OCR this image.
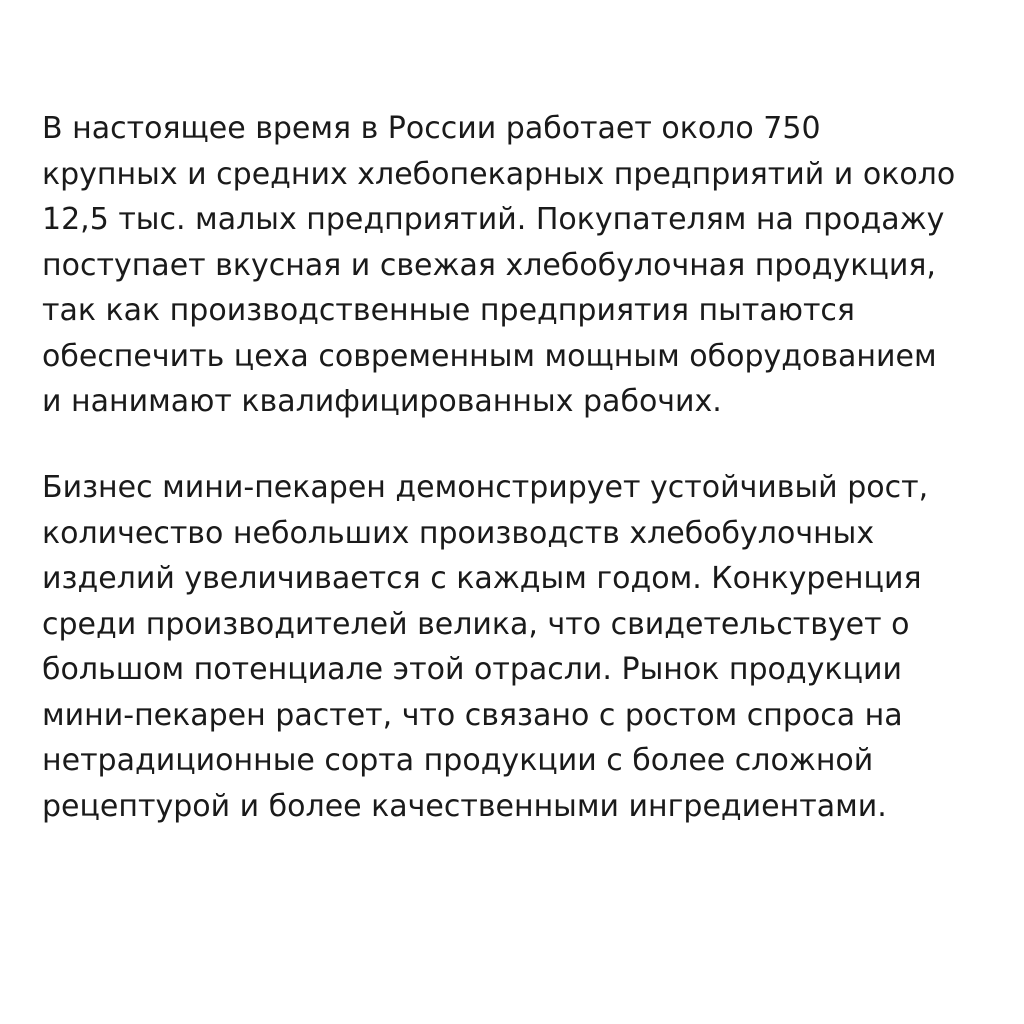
В настоящее время в России работает около 750
крупных и средних хлебопекарных предприятий и около
12,5 тыс. малых предприятий. Покупателям на продажу
поступает вкусная и свежая хлебобулочная продукция,
так как производственные предприятия пытаются
обеспечить цеха современным мощным оборудованием
и нанимают квалифицированных рабочих.

Бизнес мини-пекарен демонстрирует устойчивый рост,
количество небольших производств хлебобулочных
изделий увеличивается с каждым годом. Конкуренция
среди производителей велика, что свидетельствует о
большом потенциале этой отрасли. Рынок продукции
мини-пекарен растет, что связано с ростом спроса на
нетрадиционные сорта продукции с более сложной
рецептурой и более качественными ингредиентами.
